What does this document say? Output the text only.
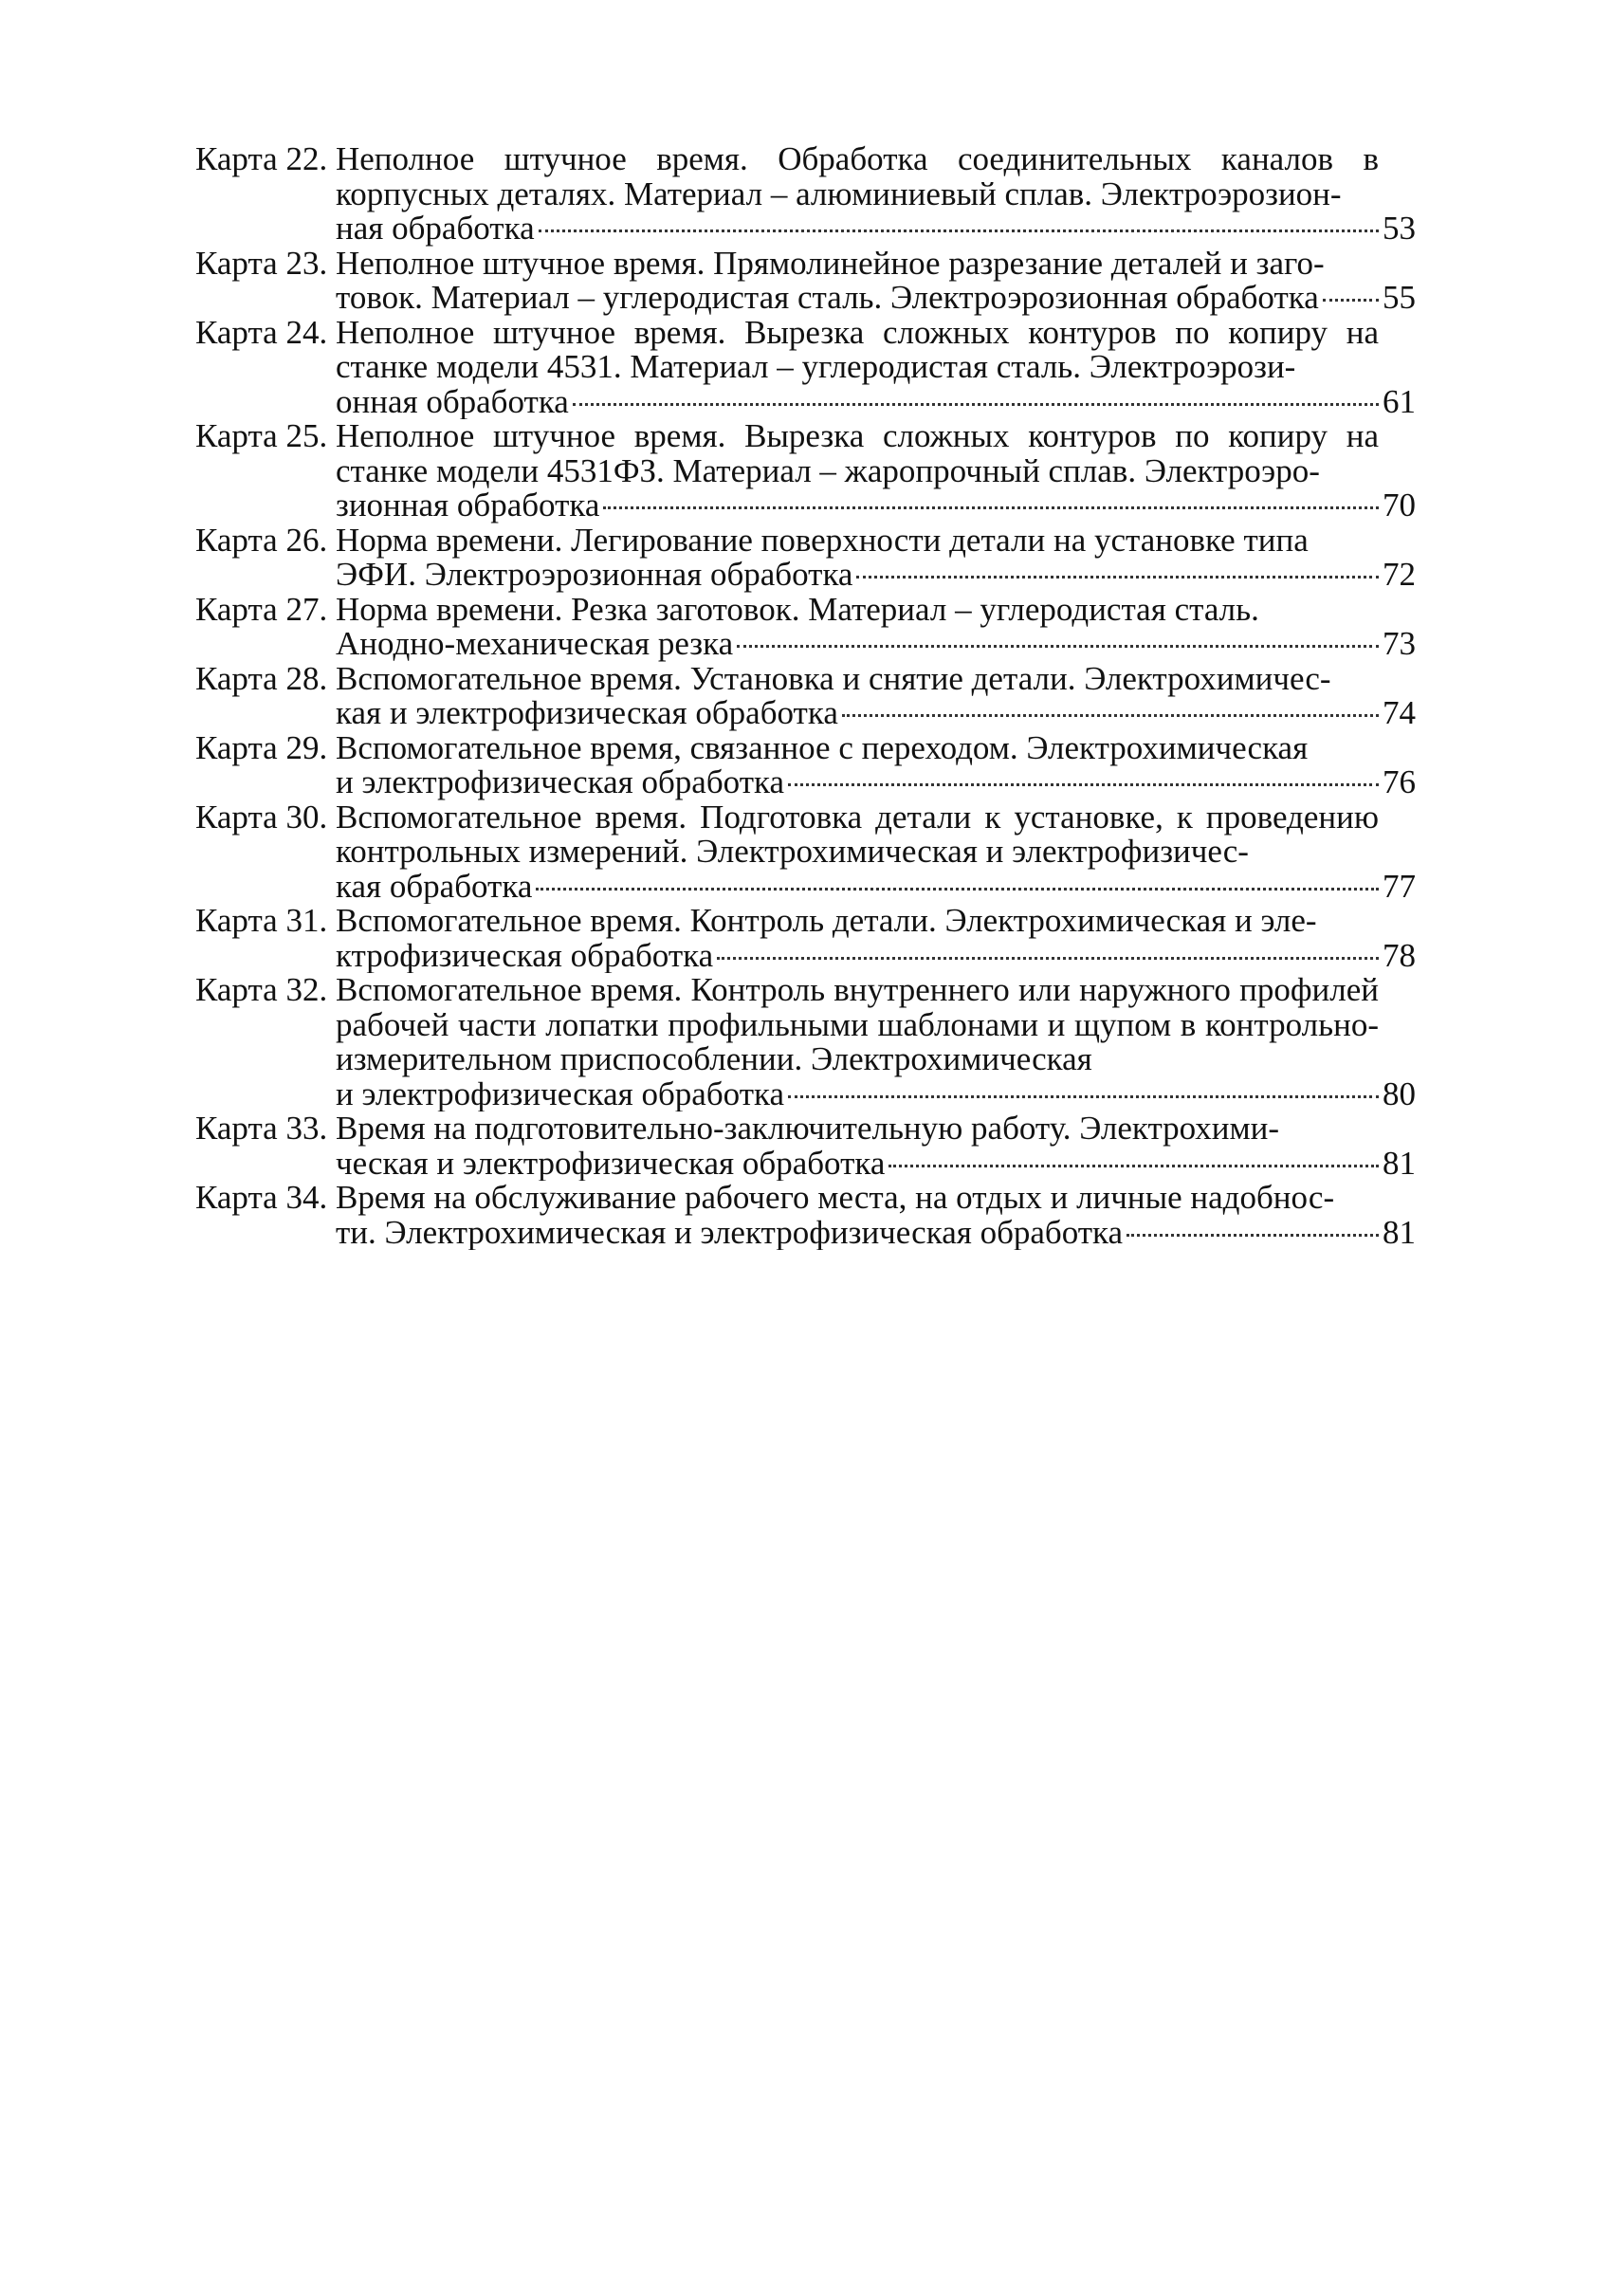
Карта 22. Неполное штучное время. Обработка соединительных каналов в корпусных деталях. Материал – алюминиевый сплав. Электроэрозион-
ная обработка	53
Карта 23. Неполное штучное время. Прямолинейное разрезание деталей и заго-
товок. Материал – углеродистая сталь. Электроэрозионная обработка 55
Карта 24. Неполное штучное время. Вырезка сложных контуров по копиру на станке модели 4531. Материал – углеродистая сталь. Электроэрози-
онная обработка	61
Карта 25. Неполное штучное время. Вырезка сложных контуров по копиру на станке модели 4531ФЗ. Материал – жаропрочный сплав. Электроэро-
зионная обработка	70
Карта 26. Норма времени. Легирование поверхности детали на установке типа
ЭФИ. Электроэрозионная обработка	72
Карта 27. Норма времени. Резка заготовок. Материал – углеродистая сталь.
Анодно-механическая резка	73
Карта 28. Вспомогательное время. Установка и снятие детали. Электрохимичес-
кая и электрофизическая обработка	74
Карта 29. Вспомогательное время, связанное с переходом. Электрохимическая
и электрофизическая обработка	76
Карта 30. Вспомогательное время. Подготовка детали к установке, к проведению контрольных измерений. Электрохимическая и электрофизичес-
кая обработка	77
Карта 31. Вспомогательное время. Контроль детали. Электрохимическая и эле-
ктрофизическая обработка	78
Карта 32. Вспомогательное время. Контроль внутреннего или наружного профилей рабочей части лопатки профильными шаблонами и щупом в контрольно-измерительном приспособлении. Электрохимическая
и электрофизическая обработка	80
Карта 33. Время на подготовительно-заключительную работу. Электрохими-
ческая и электрофизическая обработка	81
Карта 34. Время на обслуживание рабочего места, на отдых и личные надобнос-
ти. Электрохимическая и электрофизическая обработка	81
